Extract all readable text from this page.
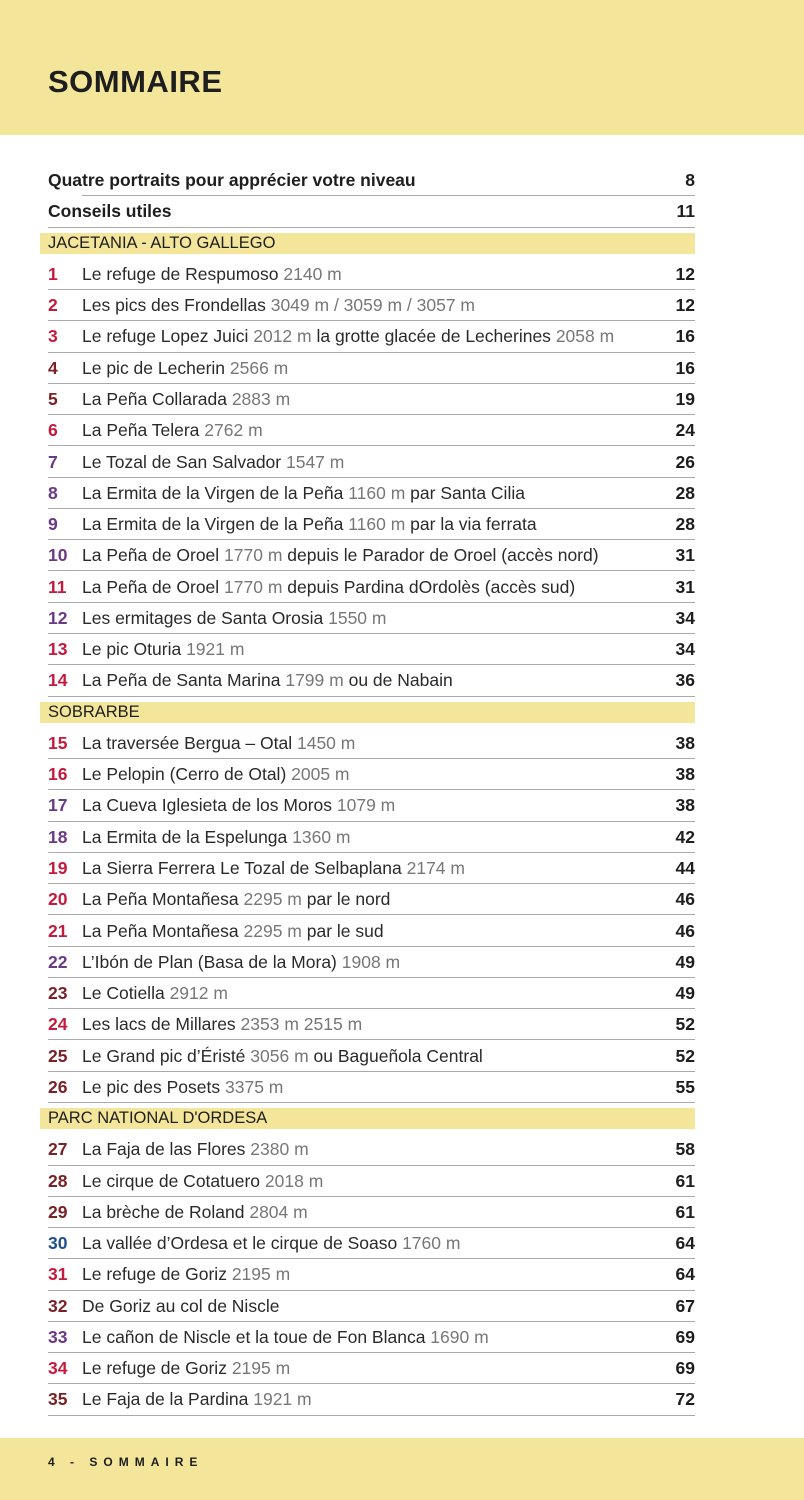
SOMMAIRE
Quatre portraits pour apprécier votre niveau	8
Conseils utiles	11
JACETANIA - ALTO GALLEGO
1	Le refuge de Respumoso 2140 m	12
2	Les pics des Frondellas 3049 m / 3059 m / 3057 m	12
3	Le refuge Lopez Juici 2012 m la grotte glacée de Lecherines 2058 m	16
4	Le pic de Lecherin 2566 m	16
5	La Peña Collarada 2883 m	19
6	La Peña Telera 2762 m	24
7	Le Tozal de San Salvador 1547 m	26
8	La Ermita de la Virgen de la Peña 1160 m par Santa Cilia	28
9	La Ermita de la Virgen de la Peña 1160 m par la via ferrata	28
10 La Peña de Oroel 1770 m depuis le Parador de Oroel (accès nord)	31
11 La Peña de Oroel 1770 m depuis Pardina dOrdolès (accès sud)	31
12 Les ermitages de Santa Orosia 1550 m	34
13 Le pic Oturia 1921 m	34
14 La Peña de Santa Marina 1799 m ou de Nabain	36
SOBRARBE
15 La traversée Bergua – Otal 1450 m	38
16 Le Pelopin (Cerro de Otal) 2005 m	38
17 La Cueva Iglesieta de los Moros 1079 m	38
18 La Ermita de la Espelunga 1360 m	42
19 La Sierra Ferrera Le Tozal de Selbaplana 2174 m	44
20 La Peña Montañesa 2295 m par le nord	46
21 La Peña Montañesa 2295 m par le sud	46
22 L’Ibón de Plan (Basa de la Mora) 1908 m	49
23 Le Cotiella 2912 m	49
24 Les lacs de Millares 2353 m 2515 m	52
25 Le Grand pic d’Éristé 3056 m ou Bagueñola Central	52
26 Le pic des Posets 3375 m	55
PARC NATIONAL D'ORDESA
27 La Faja de las Flores 2380 m	58
28 Le cirque de Cotatuero 2018 m	61
29 La brèche de Roland 2804 m	61
30 La vallée d’Ordesa et le cirque de Soaso 1760 m	64
31 Le refuge de Goriz 2195 m	64
32 De Goriz au col de Niscle	67
33 Le cañon de Niscle et la toue de Fon Blanca 1690 m	69
34 Le refuge de Goriz 2195 m	69
35 Le Faja de la Pardina 1921 m	72
4 - SOMMAIRE
